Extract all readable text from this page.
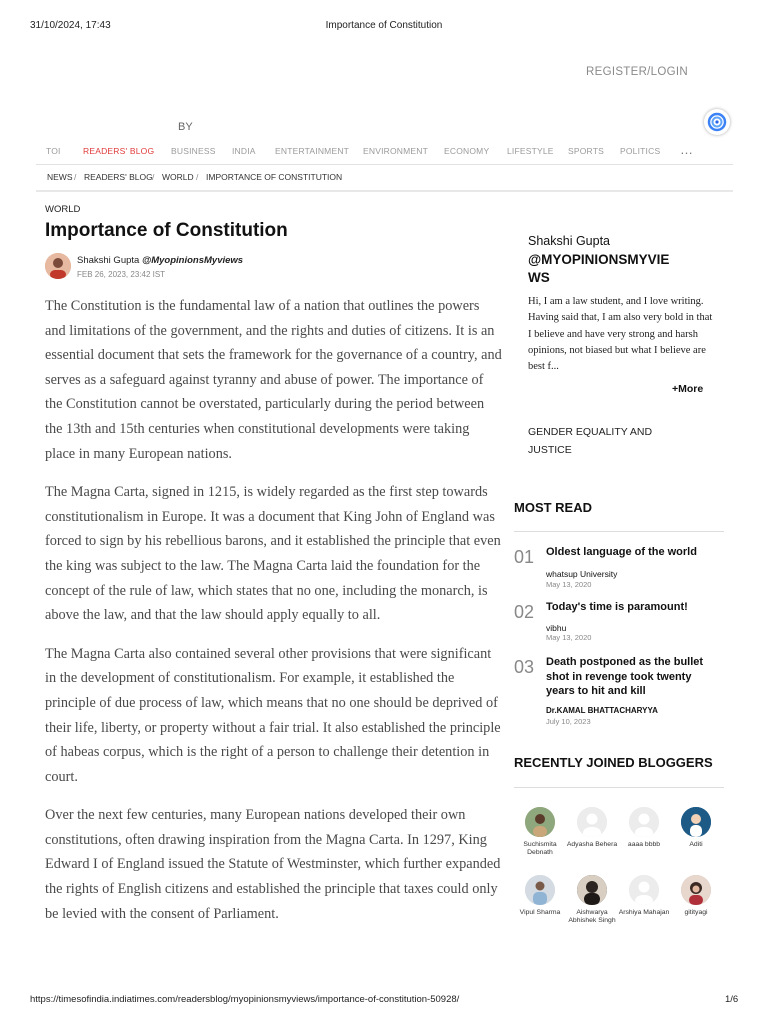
31/10/2024, 17:43	Importance of Constitution
REGISTER/LOGIN
BY
TOI	READERS' BLOG BUSINESS INDIA ENTERTAINMENT ENVIRONMENT ECONOMY LIFESTYLE SPORTS POLITICS …
NEWS / READERS' BLOG / WORLD / IMPORTANCE OF CONSTITUTION
WORLD
Importance of Constitution
Shakshi Gupta @MyopinionsMyviews
FEB 26, 2023, 23:42 IST

The Constitution is the fundamental law of a nation that outlines the powers and limitations of the government, and the rights and duties of citizens. It is an essential document that sets the framework for the governance of a country, and serves as a safeguard against tyranny and abuse of power. The importance of the Constitution cannot be overstated, particularly during the period between the 13th and 15th centuries when constitutional developments were taking place in many European nations.

The Magna Carta, signed in 1215, is widely regarded as the first step towards constitutionalism in Europe. It was a document that King John of England was forced to sign by his rebellious barons, and it established the principle that even the king was subject to the law. The Magna Carta laid the foundation for the concept of the rule of law, which states that no one, including the monarch, is above the law, and that the law should apply equally to all.

The Magna Carta also contained several other provisions that were significant in the development of constitutionalism. For example, it established the principle of due process of law, which means that no one should be deprived of their life, liberty, or property without a fair trial. It also established the principle of habeas corpus, which is the right of a person to challenge their detention in court.

Over the next few centuries, many European nations developed their own constitutions, often drawing inspiration from the Magna Carta. In 1297, King Edward I of England issued the Statute of Westminster, which further expanded the rights of English citizens and established the principle that taxes could only be levied with the consent of Parliament.

Shakshi Gupta
@MYOPINIONSMYVIE
WS
Hi, I am a law student, and I love writing. Having said that, I am also very bold in that I believe and have very strong and harsh opinions, not biased but what I believe are best f...
+More
GENDER EQUALITY AND
JUSTICE
MOST READ
01 Oldest language of the world
whatsup University
May 13, 2020
02 Today's time is paramount!
vibhu
May 13, 2020
03 Death postponed as the bullet shot in revenge took twenty years to hit and kill
Dr.KAMAL BHATTACHARYYA
July 10, 2023
RECENTLY JOINED BLOGGERS
Suchismita Debnath
Adyasha Behera	aaaa bbbb	Aditi
Vipul Sharma	Aishwarya Abhishek Singh
Arshiya Mahajan	gitityagi
https://timesofindia.indiatimes.com/readersblog/myopinionsmyviews/importance-of-constitution-50928/	1/6
